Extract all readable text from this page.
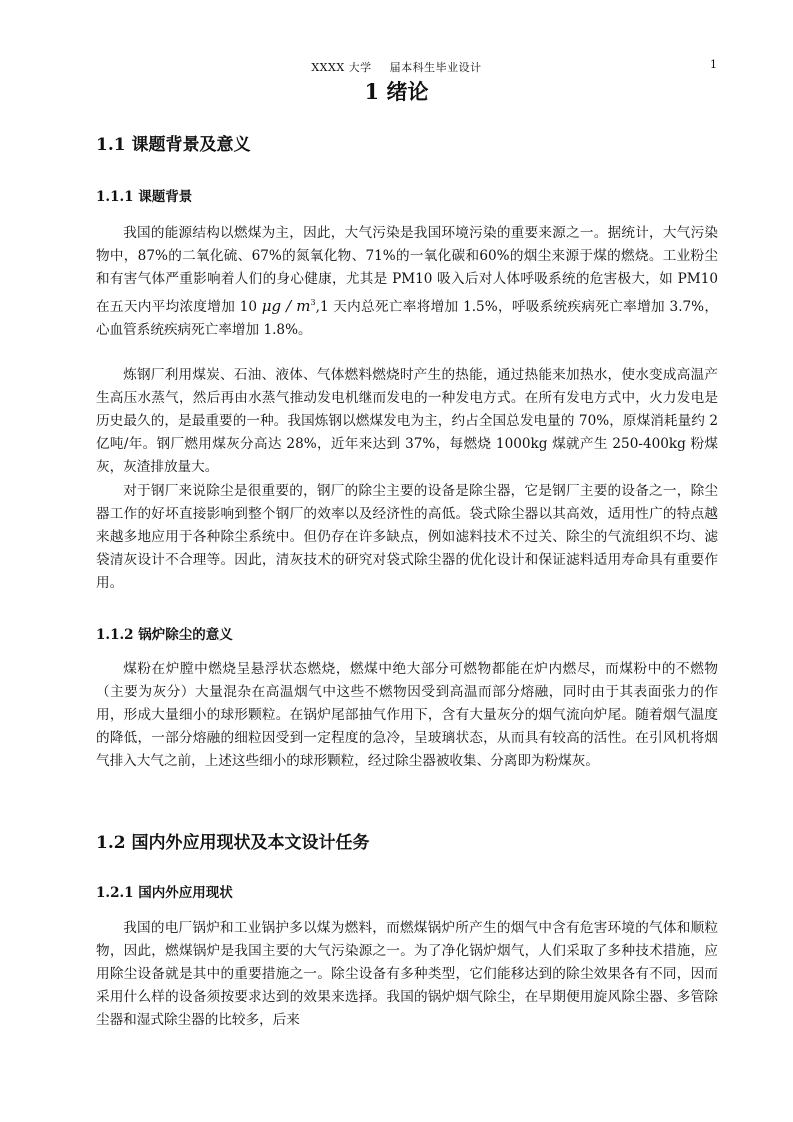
XXXX 大学 届本科生毕业设计	1
1 绪论
1.1 课题背景及意义
1.1.1 课题背景

我国的能源结构以燃煤为主，因此，大气污染是我国环境污染的重要来源之一。据统计，大气污染物中，87%的二氧化硫、67%的氮氧化物、71%的一氧化碳和60%的烟尘来源于煤的燃烧。工业粉尘和有害气体严重影响着人们的身心健康，尤其是 PM10 吸入后对人体呼吸系统的危害极大，如 PM10 在五天内平均浓度增加 10 μg / $m^3,1$ 天内总死亡率将增加 1.5%，呼吸系统疾病死亡率增加 3.7%，心血管系统疾病死亡率增加 1.8%。

炼钢厂利用煤炭、石油、液体、气体燃料燃烧时产生的热能，通过热能来加热水，使水变成高温产生高压水蒸气，然后再由水蒸气推动发电机继而发电的一种发电方式。在所有发电方式中，火力发电是历史最久的，是最重要的一种。我国炼钢以燃煤发电为主，约占全国总发电量的 70%，原煤消耗量约 2 亿吨/年。钢厂燃用煤灰分高达 28%，近年来达到 37%，每燃烧 1000kg 煤就产生 250-400kg 粉煤灰，灰渣排放量大。

对于钢厂来说除尘是很重要的，钢厂的除尘主要的设备是除尘器，它是钢厂主要的设备之一，除尘器工作的好坏直接影响到整个钢厂的效率以及经济性的高低。袋式除尘器以其高效，适用性广的特点越来越多地应用于各种除尘系统中。但仍存在许多缺点，例如滤料技术不过关、除尘的气流组织不均、滤袋清灰设计不合理等。因此，清灰技术的研究对袋式除尘器的优化设计和保证滤料适用寿命具有重要作用。

1.1.2 锅炉除尘的意义

煤粉在炉膛中燃烧呈悬浮状态燃烧，燃煤中绝大部分可燃物都能在炉内燃尽，而煤粉中的不燃物（主要为灰分）大量混杂在高温烟气中这些不燃物因受到高温而部分熔融，同时由于其表面张力的作用，形成大量细小的球形颗粒。在锅炉尾部抽气作用下，含有大量灰分的烟气流向炉尾。随着烟气温度的降低，一部分熔融的细粒因受到一定程度的急冷，呈玻璃状态，从而具有较高的活性。在引风机将烟气排入大气之前，上述这些细小的球形颗粒，经过除尘器被收集、分离即为粉煤灰。

1.2 国内外应用现状及本文设计任务
1.2.1 国内外应用现状

我国的电厂锅炉和工业锅护多以煤为燃料，而燃煤锅炉所产生的烟气中含有危害环境的气体和顺粒物，因此，燃煤锅炉是我国主要的大气污染源之一。为了净化锅炉烟气，人们采取了多种技术措施，应用除尘设备就是其中的重要措施之一。除尘设备有多种类型，它们能移达到的除尘效果各有不同，因而采用什么样的设备须按要求达到的效果来选择。我国的锅炉烟气除尘，在早期便用旋风除尘器、多管除尘器和湿式除尘器的比较多，后来
